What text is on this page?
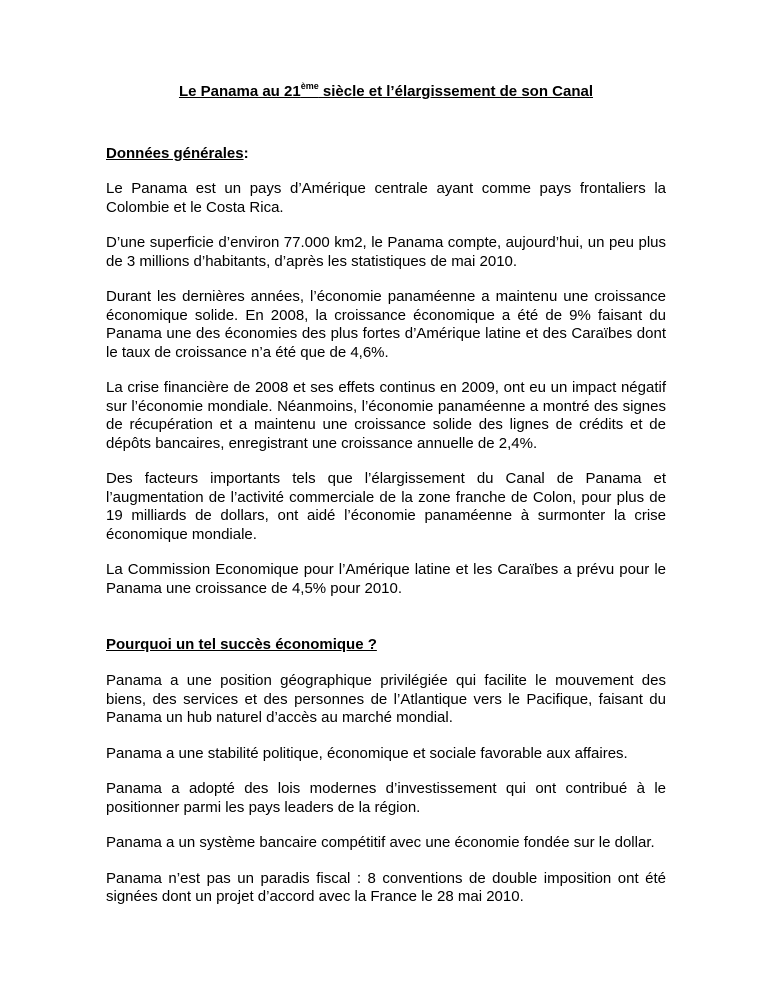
Le Panama au 21ème siècle et l’élargissement de son Canal
Données générales:

Le Panama est un pays d’Amérique centrale ayant comme pays frontaliers la Colombie et le Costa Rica.

D’une superficie d’environ 77.000 km2, le Panama compte, aujourd’hui, un peu plus de 3 millions d’habitants, d’après les statistiques de mai 2010.

Durant les dernières années, l’économie panaméenne a maintenu une croissance économique solide. En 2008, la croissance économique a été de 9% faisant du Panama une des économies des plus fortes d’Amérique latine et des Caraïbes dont le taux de croissance n’a été que de 4,6%.

La crise financière de 2008 et ses effets continus en 2009, ont eu un impact négatif sur l’économie mondiale. Néanmoins, l’économie panaméenne a montré des signes de récupération et a maintenu une croissance solide des lignes de crédits et de dépôts bancaires, enregistrant une croissance annuelle de 2,4%.

Des facteurs importants tels que l’élargissement du Canal de Panama et l’augmentation de l’activité commerciale de la zone franche de Colon, pour plus de 19 milliards de dollars, ont aidé l’économie panaméenne à surmonter la crise économique mondiale.

La Commission Economique pour l’Amérique latine et les Caraïbes a prévu pour le Panama une croissance de 4,5% pour 2010.

Pourquoi un tel succès économique ?

Panama a une position géographique privilégiée qui facilite le mouvement des biens, des services et des personnes de l’Atlantique vers le Pacifique, faisant du Panama un hub naturel d’accès au marché mondial.

Panama a une stabilité politique, économique et sociale favorable aux affaires.

Panama a adopté des lois modernes d’investissement qui ont contribué à le positionner parmi les pays leaders de la région.

Panama a un système bancaire compétitif avec une économie fondée sur le dollar.

Panama n’est pas un paradis fiscal : 8 conventions de double imposition ont été signées dont un projet d’accord avec la France le 28 mai 2010.
